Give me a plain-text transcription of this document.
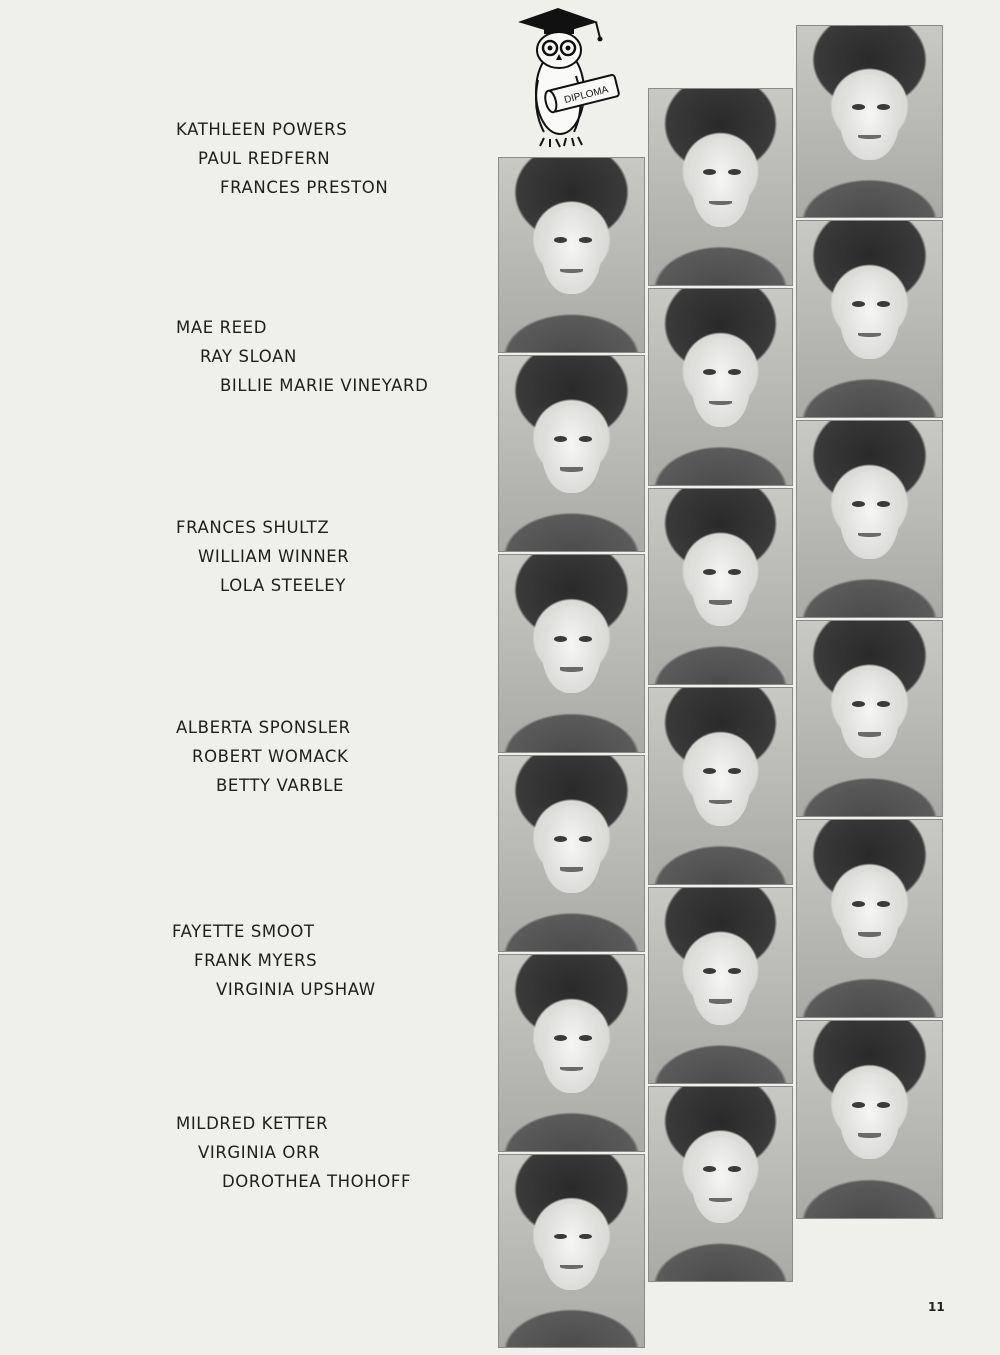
DIPLOMA
KATHLEEN POWERS
PAUL REDFERN
FRANCES PRESTON
MAE REED
RAY SLOAN
BILLIE MARIE VINEYARD
FRANCES SHULTZ
WILLIAM WINNER
LOLA STEELEY
ALBERTA SPONSLER
ROBERT WOMACK
BETTY VARBLE
FAYETTE SMOOT
FRANK MYERS
VIRGINIA UPSHAW
MILDRED KETTER
VIRGINIA ORR
DOROTHEA THOHOFF
11
